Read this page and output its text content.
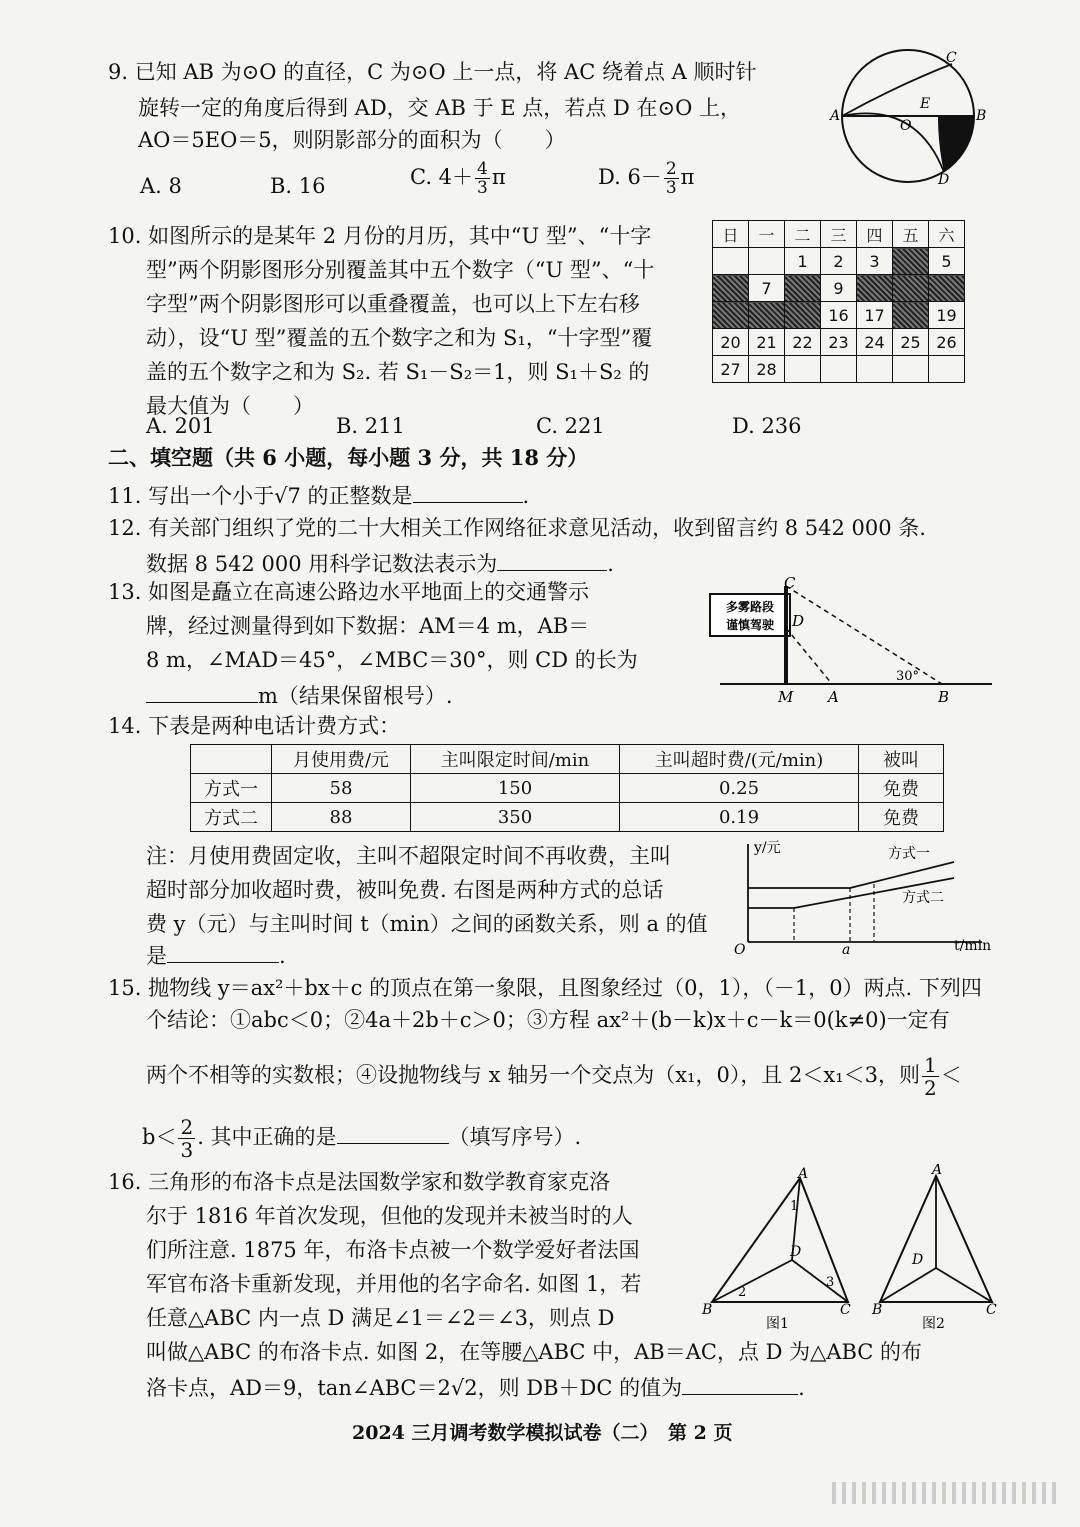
9. 已知 AB 为⊙O 的直径，C 为⊙O 上一点，将 AC 绕着点 A 顺时针
旋转一定的角度后得到 AD，交 AB 于 E 点，若点 D 在⊙O 上，
AO＝5EO＝5，则阴影部分的面积为（　　）
A. 8	B. 16	C. $4+ \frac{4}{3}$ π	D. $6- \frac{2}{3}$ π
A	B
C
D
E
O
10. 如图所示的是某年 2 月份的月历，其中“U 型”、“十字
型”两个阴影图形分别覆盖其中五个数字（“U 型”、“十
字型”两个阴影图形可以重叠覆盖，也可以上下左右移
动），设“U 型”覆盖的五个数字之和为 S₁，“十字型”覆
盖的五个数字之和为 S₂. 若 S₁－S₂＝1，则 S₁＋S₂ 的
最大值为（　　）
A. 201	B. 211	C. 221	D. 236
日	一	二	三	四	五	六
		1	2	3		5
	7		9			
			16	17		19
20	21	22	23	24	25	26
27	28					
二、填空题（共 6 小题，每小题 3 分，共 18 分）
11. 写出一个小于√7 的正整数是	.
12. 有关部门组织了党的二十大相关工作网络征求意见活动，收到留言约 8 542 000 条.
数据 8 542 000 用科学记数法表示为	.
13. 如图是矗立在高速公路边水平地面上的交通警示
牌，经过测量得到如下数据：AM＝4 m，AB＝
8 m，∠MAD＝45°，∠MBC＝30°，则 CD 的长为
m（结果保留根号）.
多雾路段
谨慎驾驶
C
D
M A	B
30°
14. 下表是两种电话计费方式：
	月使用费/元	主叫限定时间/min	主叫超时费/(元/min)	被叫
方式一	58	150	0.25	免费
方式二	88	350	0.19	免费
注：月使用费固定收，主叫不超限定时间不再收费，主叫
超时部分加收超时费，被叫免费. 右图是两种方式的总话
费 y（元）与主叫时间 t（min）之间的函数关系，则 a 的值
是	.
y/元
t/min
O	a
方式一
方式二
15. 抛物线 y＝ax²＋bx＋c 的顶点在第一象限，且图象经过（0，1），（－1，0）两点. 下列四
个结论：①abc＜0；②4a＋2b＋c＞0；③方程 ax²＋(b－k)x＋c－k＝0(k≠0)一定有
两个不相等的实数根；④设抛物线与 x 轴另一个交点为（x₁，0），且 2＜x₁＜3，则 $\frac{1}{2}$ ＜
$b< \frac{2}{3}$ . 其中正确的是	（填写序号）.
16. 三角形的布洛卡点是法国数学家和数学教育家克洛
尔于 1816 年首次发现，但他的发现并未被当时的人
们所注意. 1875 年，布洛卡点被一个数学爱好者法国
军官布洛卡重新发现，并用他的名字命名. 如图 1，若
任意△ABC 内一点 D 满足∠1＝∠2＝∠3，则点 D
叫做△ABC 的布洛卡点. 如图 2，在等腰△ABC 中，AB＝AC，点 D 为△ABC 的布
洛卡点，AD＝9，tan∠ABC＝2√2，则 DB＋DC 的值为	.
A
B	C
D
1
2
3
图1
A
B	C
D
图2
2024 三月调考数学模拟试卷（二）　第 2 页
